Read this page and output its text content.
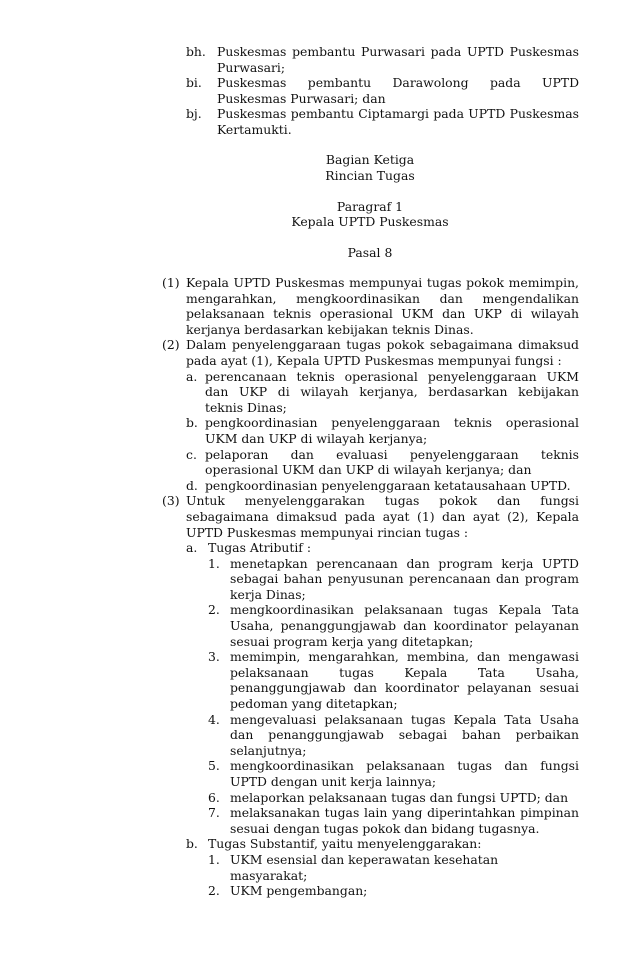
bh. Puskesmas pembantu Purwasari pada UPTD Puskesmas Purwasari;
bi.	Puskesmas pembantu Darawolong pada UPTD Puskesmas Purwasari; dan
bj.	Puskesmas pembantu Ciptamargi pada UPTD Puskesmas Kertamukti.
Bagian Ketiga
Rincian Tugas
Paragraf 1
Kepala UPTD Puskesmas
Pasal 8
(1) Kepala UPTD Puskesmas mempunyai tugas pokok memimpin, mengarahkan, mengkoordinasikan dan mengendalikan pelaksanaan teknis operasional UKM dan UKP di wilayah kerjanya berdasarkan kebijakan teknis Dinas.
(2) Dalam penyelenggaraan tugas pokok sebagaimana dimaksud pada ayat (1), Kepala UPTD Puskesmas mempunyai fungsi :
a. perencanaan teknis operasional penyelenggaraan UKM dan UKP di wilayah kerjanya, berdasarkan kebijakan teknis Dinas;
b. pengkoordinasian penyelenggaraan teknis operasional UKM dan UKP di wilayah kerjanya;
c. pelaporan dan evaluasi penyelenggaraan teknis operasional UKM dan UKP di wilayah kerjanya; dan
d. pengkoordinasian penyelenggaraan ketatausahaan UPTD.
(3) Untuk menyelenggarakan tugas pokok dan fungsi sebagaimana dimaksud pada ayat (1) dan ayat (2), Kepala UPTD Puskesmas mempunyai rincian tugas :
a. Tugas Atributif :
1. menetapkan perencanaan dan program kerja UPTD sebagai bahan penyusunan perencanaan dan program kerja Dinas;
2. mengkoordinasikan pelaksanaan tugas Kepala Tata Usaha, penanggungjawab dan koordinator pelayanan sesuai program kerja yang ditetapkan;
3. memimpin, mengarahkan, membina, dan mengawasi pelaksanaan tugas Kepala Tata Usaha, penanggungjawab dan koordinator pelayanan sesuai pedoman yang ditetapkan;
4. mengevaluasi pelaksanaan tugas Kepala Tata Usaha dan penanggungjawab sebagai bahan perbaikan selanjutnya;
5. mengkoordinasikan pelaksanaan tugas dan fungsi UPTD dengan unit kerja lainnya;
6. melaporkan pelaksanaan tugas dan fungsi UPTD; dan
7. melaksanakan tugas lain yang diperintahkan pimpinan sesuai dengan tugas pokok dan bidang tugasnya.
b. Tugas Substantif, yaitu menyelenggarakan:
1. UKM esensial dan keperawatan kesehatan masyarakat;
2. UKM pengembangan;
